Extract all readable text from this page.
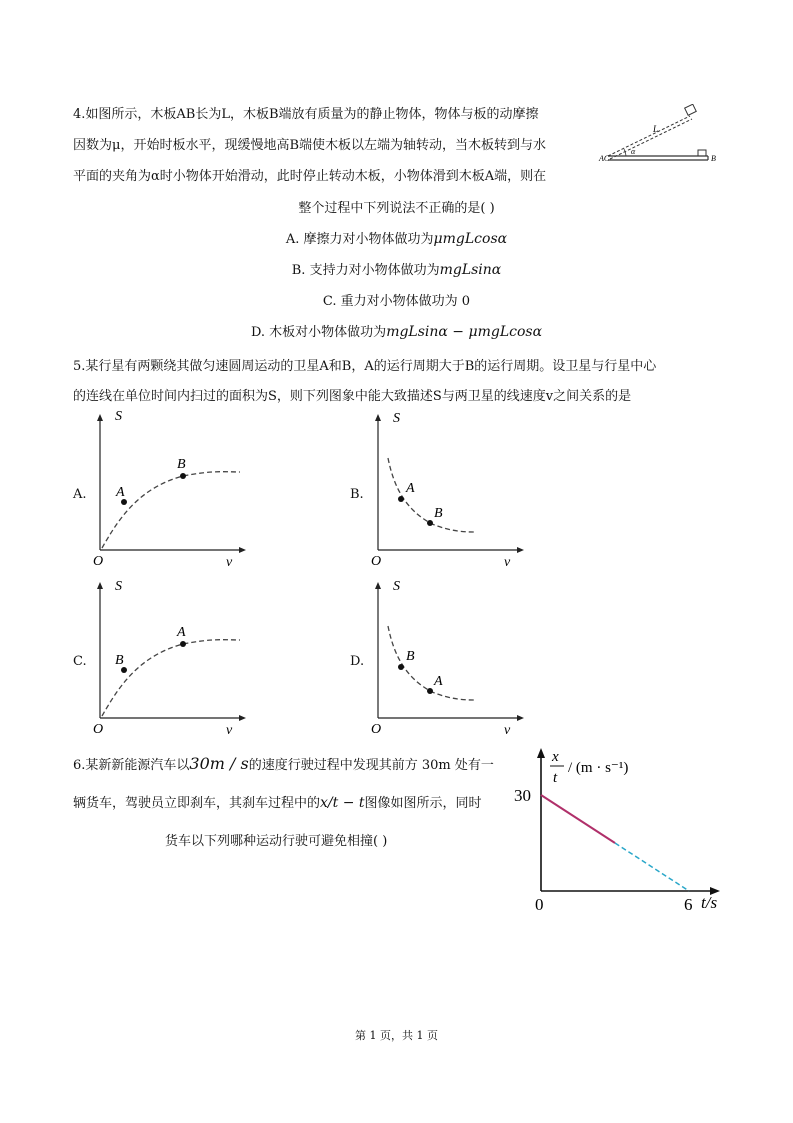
4.如图所示，木板AB长为L，木板B端放有质量为的静止物体，物体与板的动摩擦
因数为μ，开始时板水平，现缓慢地高B端使木板以左端为轴转动，当木板转到与水
平面的夹角为α时小物体开始滑动，此时停止转动木板，小物体滑到木板A端，则在
整个过程中下列说法不正确的是( )
L
α
AC	B
A. 摩擦力对小物体做功为μmgLcosα
B. 支持力对小物体做功为mgLsinα
C. 重力对小物体做功为 0
D. 木板对小物体做功为mgLsinα − μmgLcosα
5.某行星有两颗绕其做匀速圆周运动的卫星A和B，A的运行周期大于B的运行周期。设卫星与行星中心
的连线在单位时间内扫过的面积为S，则下列图象中能大致描述S与两卫星的线速度v之间关系的是
A.
S
v
O
A
B
B.
S
v
O
A
B
C.
S
v
O
B
A
D.
S
v
O
B
A
6.某新新能源汽车以30m / s的速度行驶过程中发现其前方 30m 处有一
辆货车，驾驶员立即刹车，其刹车过程中的x/t − t图像如图所示，同时
货车以下列哪种运动行驶可避免相撞( )
x
t
/ (m · s⁻¹)
30
0	6 t/s
第 1 页，共 1 页
